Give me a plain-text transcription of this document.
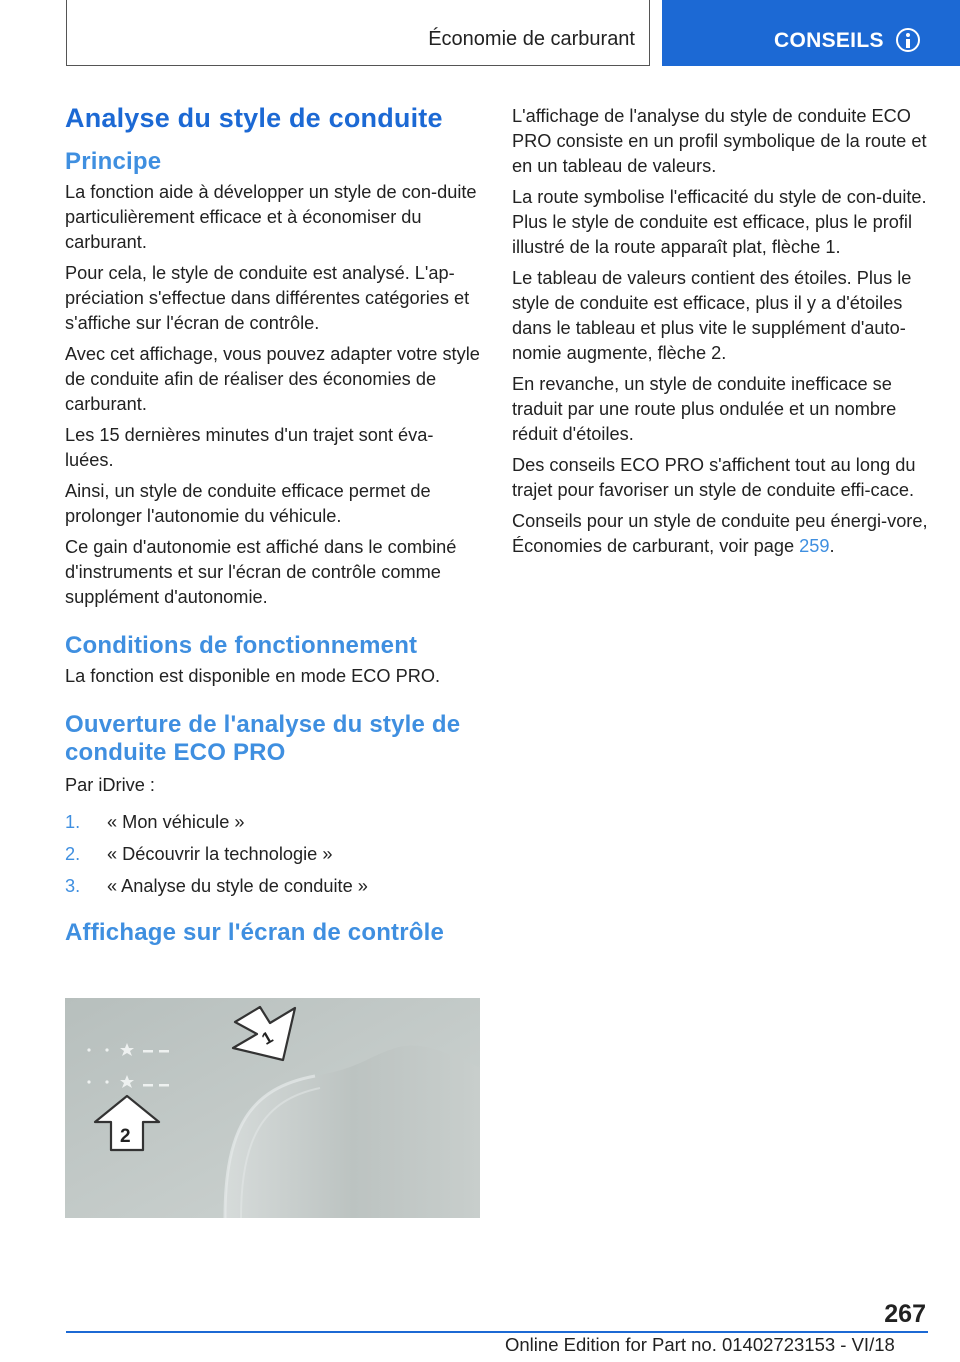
Économie de carburant	CONSEILS
Analyse du style de conduite
Principe

La fonction aide à développer un style de con-duite particulièrement efficace et à économiser du carburant.

Pour cela, le style de conduite est analysé. L'ap-préciation s'effectue dans différentes catégories et s'affiche sur l'écran de contrôle.

Avec cet affichage, vous pouvez adapter votre style de conduite afin de réaliser des économies de carburant.

Les 15 dernières minutes d'un trajet sont éva-luées.

Ainsi, un style de conduite efficace permet de prolonger l'autonomie du véhicule.

Ce gain d'autonomie est affiché dans le combiné d'instruments et sur l'écran de contrôle comme supplément d'autonomie.

Conditions de fonctionnement

La fonction est disponible en mode ECO PRO.

Ouverture de l'analyse du style de conduite ECO PRO

Par iDrive :

1.	« Mon véhicule »
2.	« Découvrir la technologie »
3.	« Analyse du style de conduite »
Affichage sur l'écran de contrôle
1
2

L'affichage de l'analyse du style de conduite ECO PRO consiste en un profil symbolique de la route et en un tableau de valeurs.

La route symbolise l'efficacité du style de con-duite. Plus le style de conduite est efficace, plus le profil illustré de la route apparaît plat, flèche 1.

Le tableau de valeurs contient des étoiles. Plus le style de conduite est efficace, plus il y a d'étoiles dans le tableau et plus vite le supplément d'auto-nomie augmente, flèche 2.

En revanche, un style de conduite inefficace se traduit par une route plus ondulée et un nombre réduit d'étoiles.

Des conseils ECO PRO s'affichent tout au long du trajet pour favoriser un style de conduite effi-cace.

Conseils pour un style de conduite peu énergi-vore, Économies de carburant, voir page 259.

267
Online Edition for Part no. 01402723153 - VI/18
